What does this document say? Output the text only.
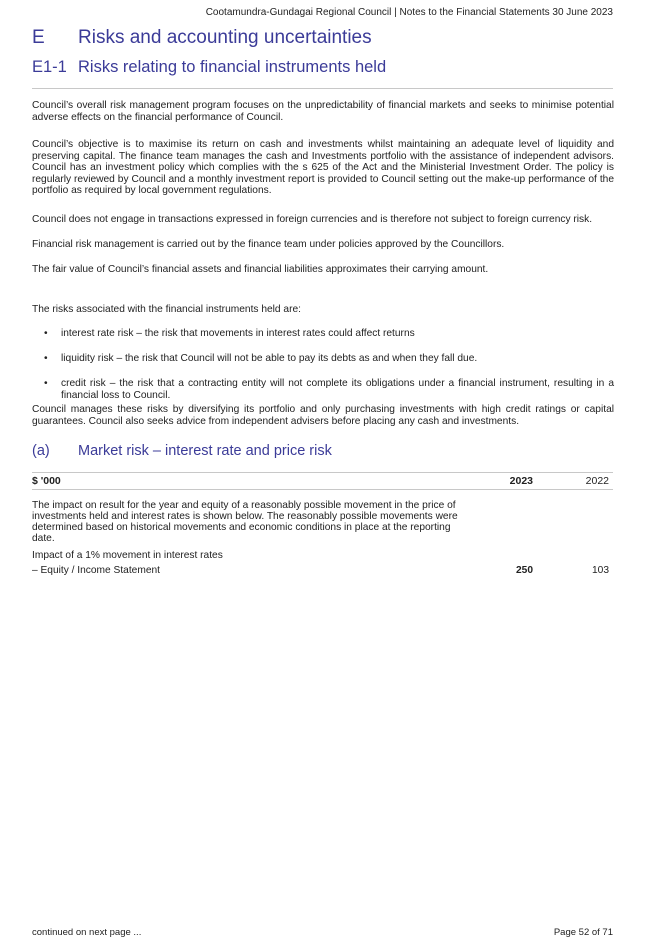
Cootamundra-Gundagai Regional Council | Notes to the Financial Statements 30 June 2023
E	Risks and accounting uncertainties
E1-1 Risks relating to financial instruments held

Council’s overall risk management program focuses on the unpredictability of financial markets and seeks to minimise potential adverse effects on the financial performance of Council.

Council’s objective is to maximise its return on cash and investments whilst maintaining an adequate level of liquidity and preserving capital. The finance team manages the cash and Investments portfolio with the assistance of independent advisors. Council has an investment policy which complies with the s 625 of the Act and the Ministerial Investment Order. The policy is regularly reviewed by Council and a monthly investment report is provided to Council setting out the make-up performance of the portfolio as required by local government regulations.

Council does not engage in transactions expressed in foreign currencies and is therefore not subject to foreign currency risk.

Financial risk management is carried out by the finance team under policies approved by the Councillors.

The fair value of Council’s financial assets and financial liabilities approximates their carrying amount.

The risks associated with the financial instruments held are:

•	interest rate risk – the risk that movements in interest rates could affect returns
•	liquidity risk – the risk that Council will not be able to pay its debts as and when they fall due.
•	credit risk – the risk that a contracting entity will not complete its obligations under a financial instrument, resulting in a financial loss to Council.

Council manages these risks by diversifying its portfolio and only purchasing investments with high credit ratings or capital guarantees. Council also seeks advice from independent advisers before placing any cash and investments.

(a)	Market risk – interest rate and price risk
$ '000	2023	2022
The impact on result for the year and equity of a reasonably possible movement in the price of investments held and interest rates is shown below. The reasonably possible movements were determined based on historical movements and economic conditions in place at the reporting date.
Impact of a 1% movement in interest rates
– Equity / Income Statement	250	103
continued on next page ...	Page 52 of 71
